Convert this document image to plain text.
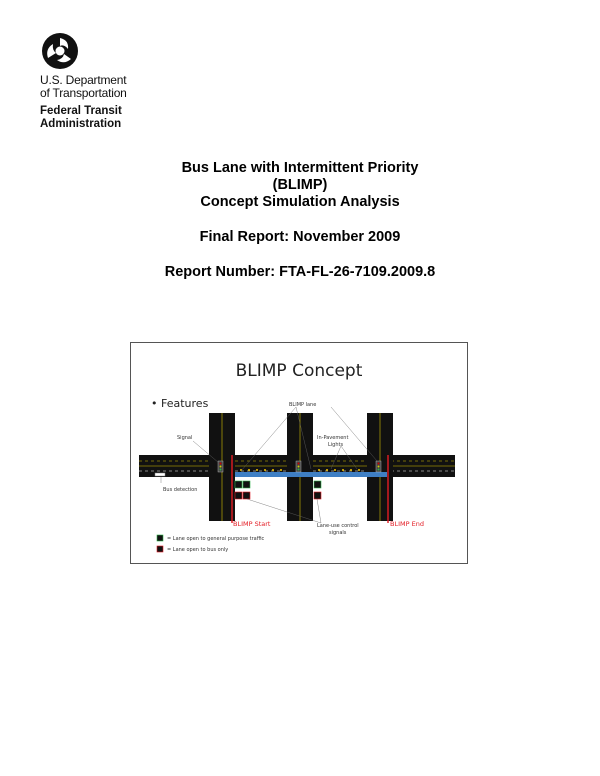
U.S. Department
of Transportation
Federal Transit
Administration
Bus Lane with Intermittent Priority
(BLIMP)
Concept Simulation Analysis
Final Report: November 2009
Report Number: FTA-FL-26-7109.2009.8
BLIMP Concept
• Features	BLIMP lane
Signal	In-Pavement
Lights
Bus detection
BLIMP Start	BLIMP End
Lane-use control
signals
= Lane open to general purpose traffic
= Lane open to bus only
